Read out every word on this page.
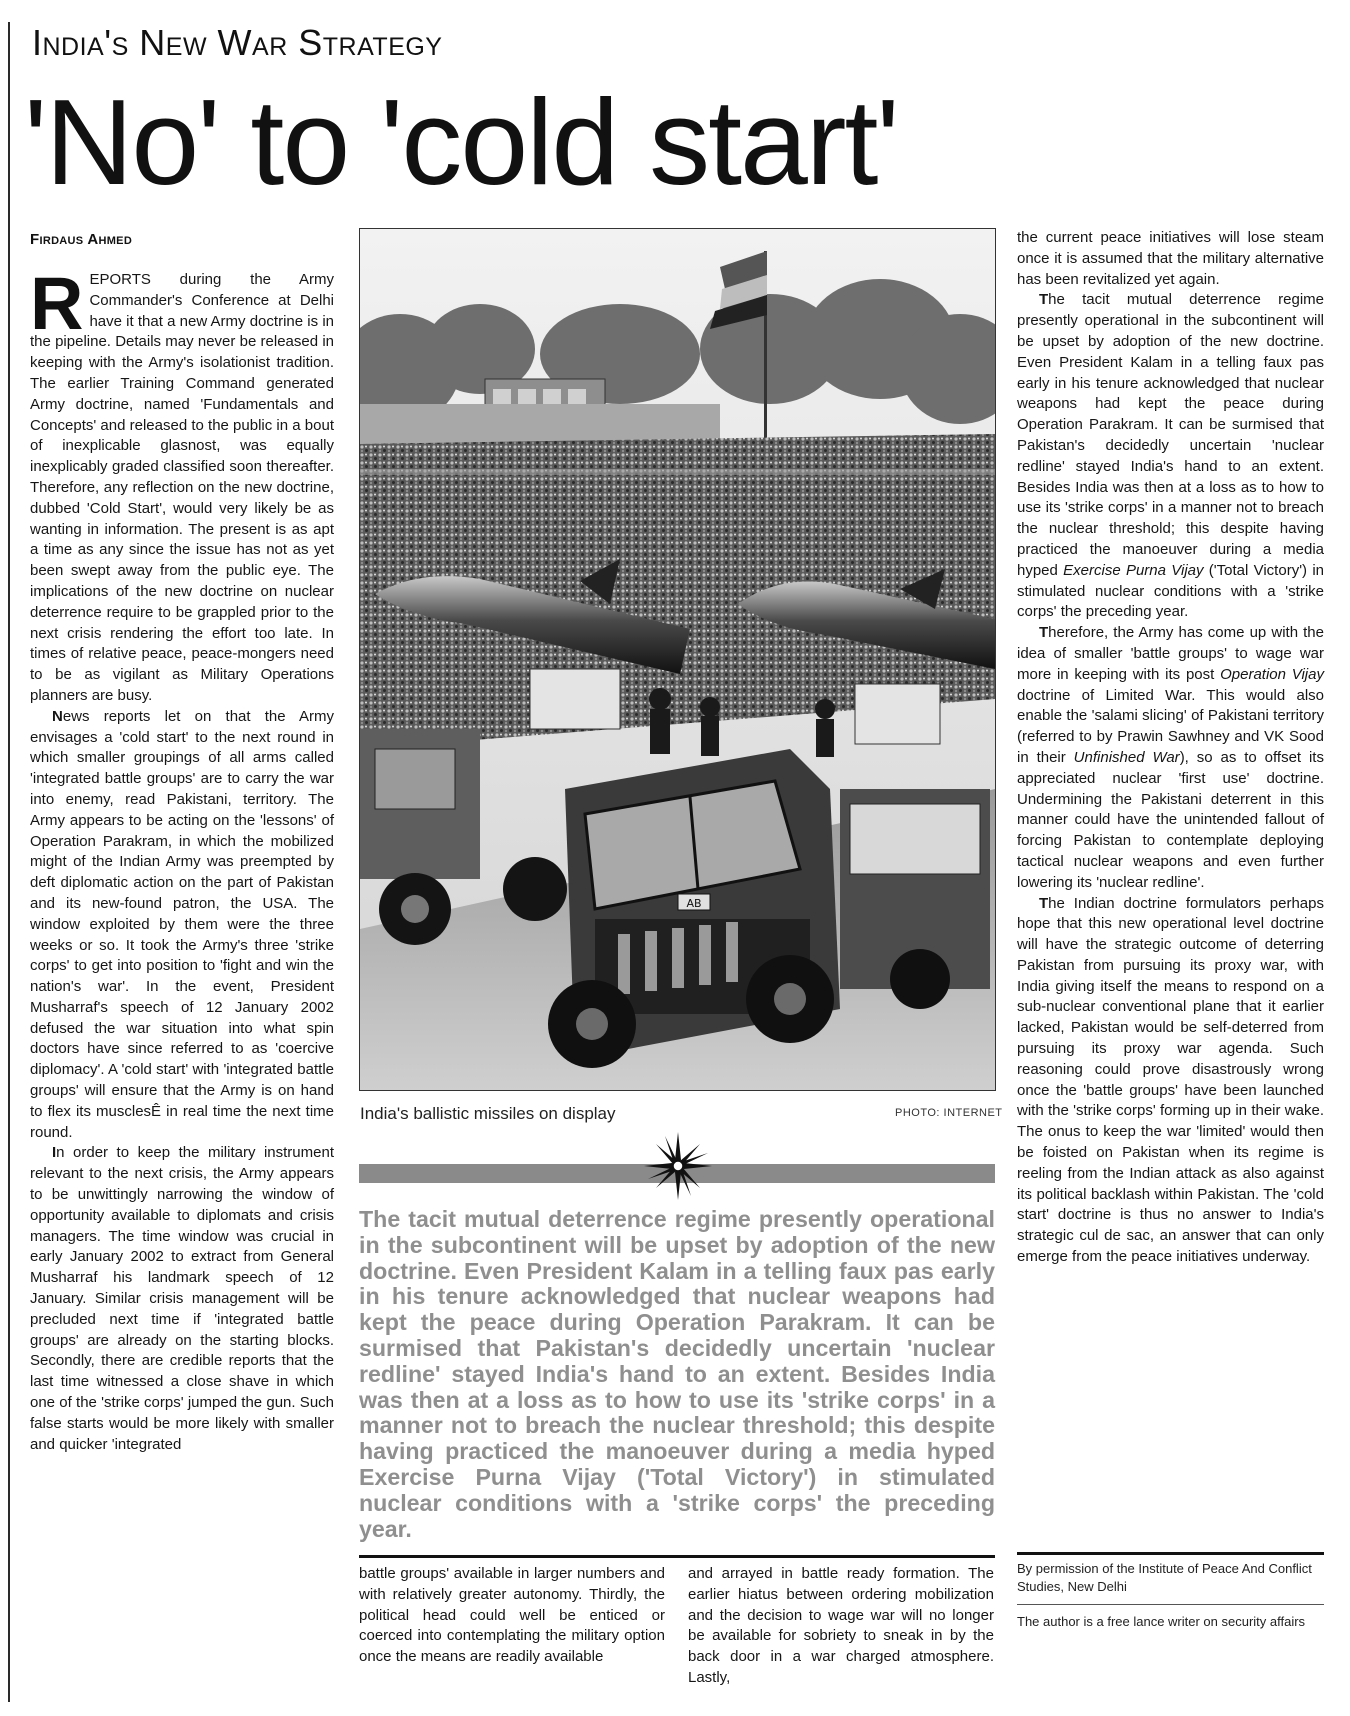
India's New War Strategy
'No' to 'cold start'
Firdaus Ahmed

REPORTS during the Army Commander's Conference at Delhi have it that a new Army doctrine is in the pipeline. Details may never be released in keeping with the Army's isolationist tradition. The earlier Training Command generated Army doctrine, named 'Fundamentals and Concepts' and released to the public in a bout of inexplicable glasnost, was equally inexplicably graded classified soon thereafter. Therefore, any reflection on the new doctrine, dubbed 'Cold Start', would very likely be as wanting in information. The present is as apt a time as any since the issue has not as yet been swept away from the public eye. The implications of the new doctrine on nuclear deterrence require to be grappled prior to the next crisis rendering the effort too late. In times of relative peace, peace-mongers need to be as vigilant as Military Operations planners are busy.

News reports let on that the Army envisages a 'cold start' to the next round in which smaller groupings of all arms called 'integrated battle groups' are to carry the war into enemy, read Pakistani, territory. The Army appears to be acting on the 'lessons' of Operation Parakram, in which the mobilized might of the Indian Army was preempted by deft diplomatic action on the part of Pakistan and its new-found patron, the USA. The window exploited by them were the three weeks or so. It took the Army's three 'strike corps' to get into position to 'fight and win the nation's war'. In the event, President Musharraf's speech of 12 January 2002 defused the war situation into what spin doctors have since referred to as 'coercive diplomacy'. A 'cold start' with 'integrated battle groups' will ensure that the Army is on hand to flex its musclesÊ in real time the next time round.

In order to keep the military instrument relevant to the next crisis, the Army appears to be unwittingly narrowing the window of opportunity available to diplomats and crisis managers. The time window was crucial in early January 2002 to extract from General Musharraf his landmark speech of 12 January. Similar crisis management will be precluded next time if 'integrated battle groups' are already on the starting blocks. Secondly, there are credible reports that the last time witnessed a close shave in which one of the 'strike corps' jumped the gun. Such false starts would be more likely with smaller and quicker 'integrated

AB
India's ballistic missiles on display	PHOTO: INTERNET
The tacit mutual deterrence regime presently operational in the subcontinent will be upset by adoption of the new doctrine. Even President Kalam in a telling faux pas early in his tenure acknowledged that nuclear weapons had kept the peace during Operation Parakram. It can be surmised that Pakistan's decidedly uncertain 'nuclear redline' stayed India's hand to an extent. Besides India was then at a loss as to how to use its 'strike corps' in a manner not to breach the nuclear threshold; this despite having practiced the manoeuver during a media hyped Exercise Purna Vijay ('Total Victory') in stimulated nuclear conditions with a 'strike corps' the preceding year.

battle groups' available in larger numbers and with relatively greater autonomy. Thirdly, the political head could well be enticed or coerced into contemplating the military option once the means are readily available

and arrayed in battle ready formation. The earlier hiatus between ordering mobilization and the decision to wage war will no longer be available for sobriety to sneak in by the back door in a war charged atmosphere. Lastly,

the current peace initiatives will lose steam once it is assumed that the military alternative has been revitalized yet again.

The tacit mutual deterrence regime presently operational in the subcontinent will be upset by adoption of the new doctrine. Even President Kalam in a telling faux pas early in his tenure acknowledged that nuclear weapons had kept the peace during Operation Parakram. It can be surmised that Pakistan's decidedly uncertain 'nuclear redline' stayed India's hand to an extent. Besides India was then at a loss as to how to use its 'strike corps' in a manner not to breach the nuclear threshold; this despite having practiced the manoeuver during a media hyped Exercise Purna Vijay ('Total Victory') in stimulated nuclear conditions with a 'strike corps' the preceding year.

Therefore, the Army has come up with the idea of smaller 'battle groups' to wage war more in keeping with its post Operation Vijay doctrine of Limited War. This would also enable the 'salami slicing' of Pakistani territory (referred to by Prawin Sawhney and VK Sood in their Unfinished War), so as to offset its appreciated nuclear 'first use' doctrine. Undermining the Pakistani deterrent in this manner could have the unintended fallout of forcing Pakistan to contemplate deploying tactical nuclear weapons and even further lowering its 'nuclear redline'.

The Indian doctrine formulators perhaps hope that this new operational level doctrine will have the strategic outcome of deterring Pakistan from pursuing its proxy war, with India giving itself the means to respond on a sub-nuclear conventional plane that it earlier lacked, Pakistan would be self-deterred from pursuing its proxy war agenda. Such reasoning could prove disastrously wrong once the 'battle groups' have been launched with the 'strike corps' forming up in their wake. The onus to keep the war 'limited' would then be foisted on Pakistan when its regime is reeling from the Indian attack as also against its political backlash within Pakistan. The 'cold start' doctrine is thus no answer to India's strategic cul de sac, an answer that can only emerge from the peace initiatives underway.

By permission of the Institute of Peace And Conflict Studies, New Delhi
The author is a free lance writer on security affairs
